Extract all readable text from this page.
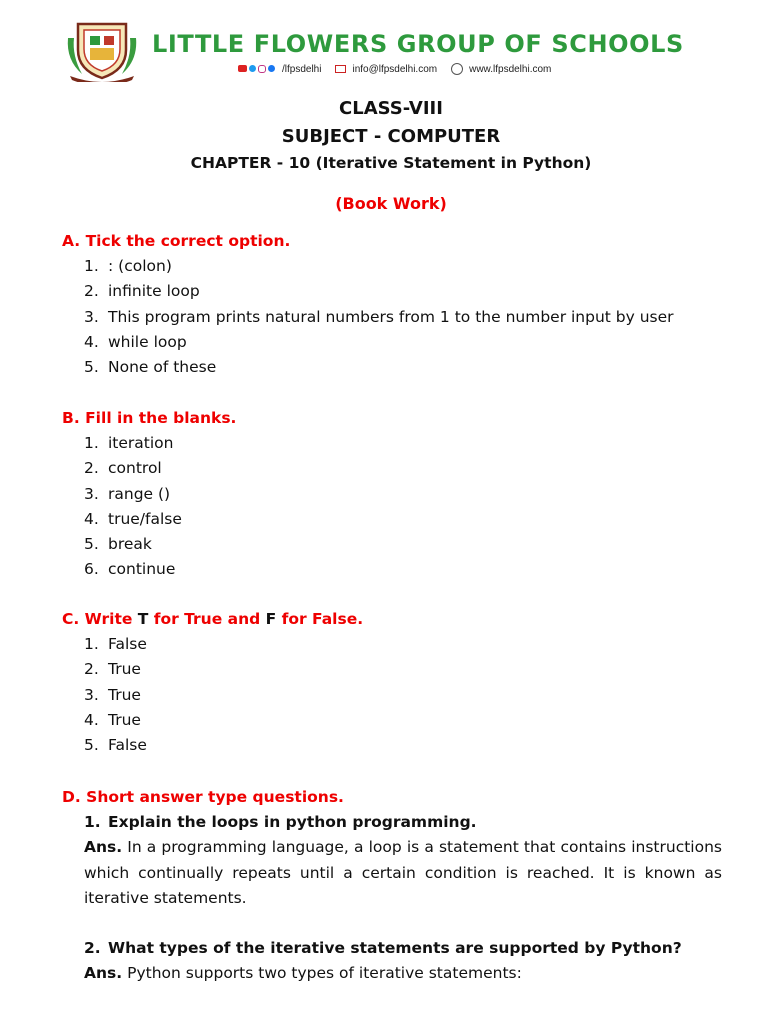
LITTLE FLOWERS GROUP OF SCHOOLS
/lfpsdelhi	info@lfpsdelhi.com	www.lfpsdelhi.com
CLASS-VIII
SUBJECT - COMPUTER
CHAPTER - 10 (Iterative Statement in Python)
(Book Work)
A. Tick the correct option.
1. : (colon)
2. infinite loop
3. This program prints natural numbers from 1 to the number input by user
4. while loop
5. None of these
B. Fill in the blanks.
1. iteration
2. control
3. range ()
4. true/false
5. break
6. continue
C. Write T for True and F for False.
1. False
2. True
3. True
4. True
5. False
D. Short answer type questions.
1. Explain the loops in python programming.
Ans. In a programming language, a loop is a statement that contains instructions which continually repeats until a certain condition is reached. It is known as iterative statements.
2. What types of the iterative statements are supported by Python?
Ans. Python supports two types of iterative statements:
